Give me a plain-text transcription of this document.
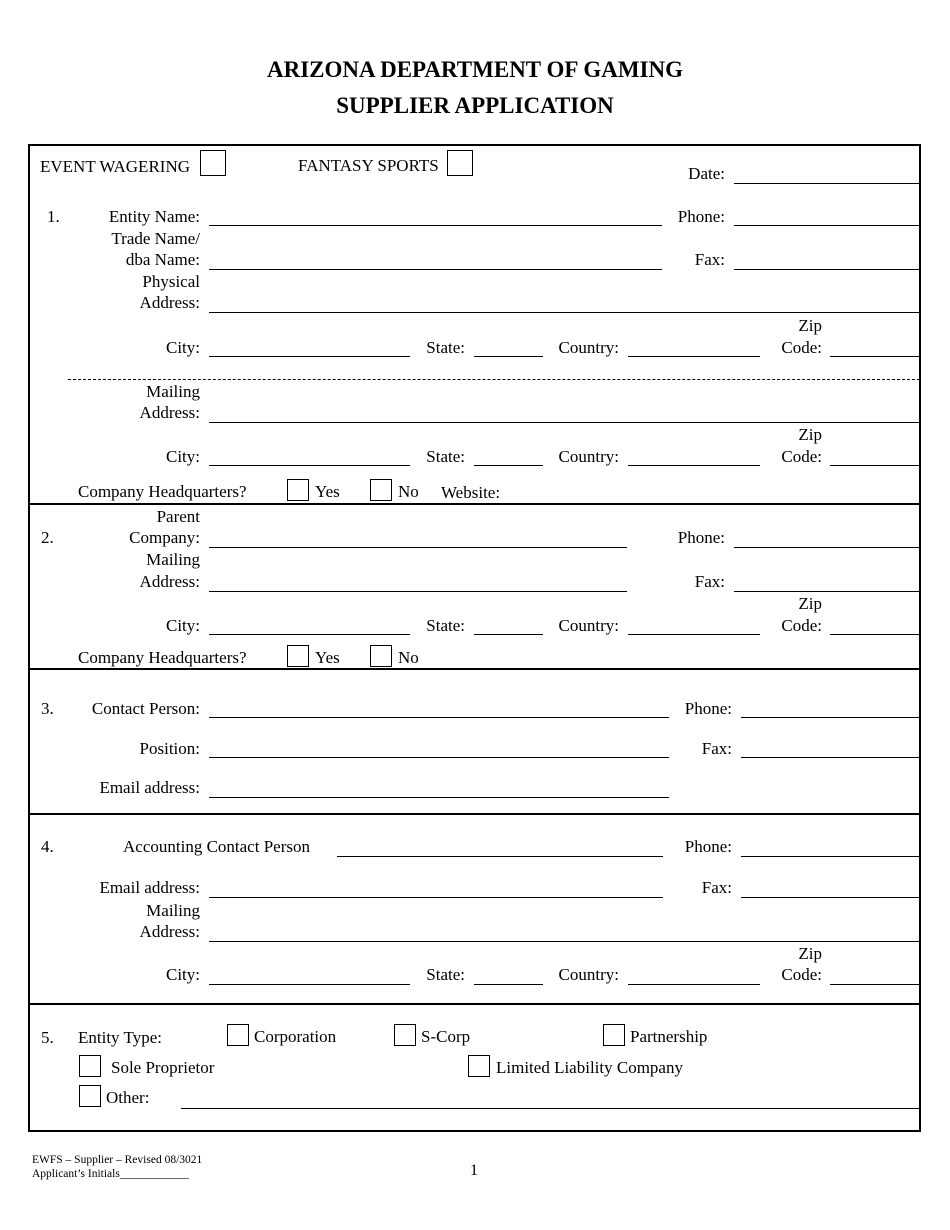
ARIZONA DEPARTMENT OF GAMING
SUPPLIER APPLICATION
EVENT WAGERING	FANTASY SPORTS	Date:
1.	Entity Name:	Phone:
Trade Name/
dba Name:	Fax:
Physical
Address:
City:	State:	Country:
Zip
Code:
Mailing
Address:
City:	State:	Country:
Zip
Code:
Company Headquarters?	Yes	No Website:
Parent
2.	Company:	Phone:
Mailing
Address:	Fax:
City:	State:	Country:
Zip
Code:
Company Headquarters?	Yes	No
3.	Contact Person:	Phone:
Position:	Fax:
Email address:
4.	Accounting Contact Person	Phone:
Email address:	Fax:
Mailing
Address:
City:	State:	Country:
Zip
Code:
5. Entity Type:	Corporation	S-Corp	Partnership
Sole Proprietor	Limited Liability Company
Other:
EWFS – Supplier – Revised 08/3021
Applicant’s Initials____________	1
